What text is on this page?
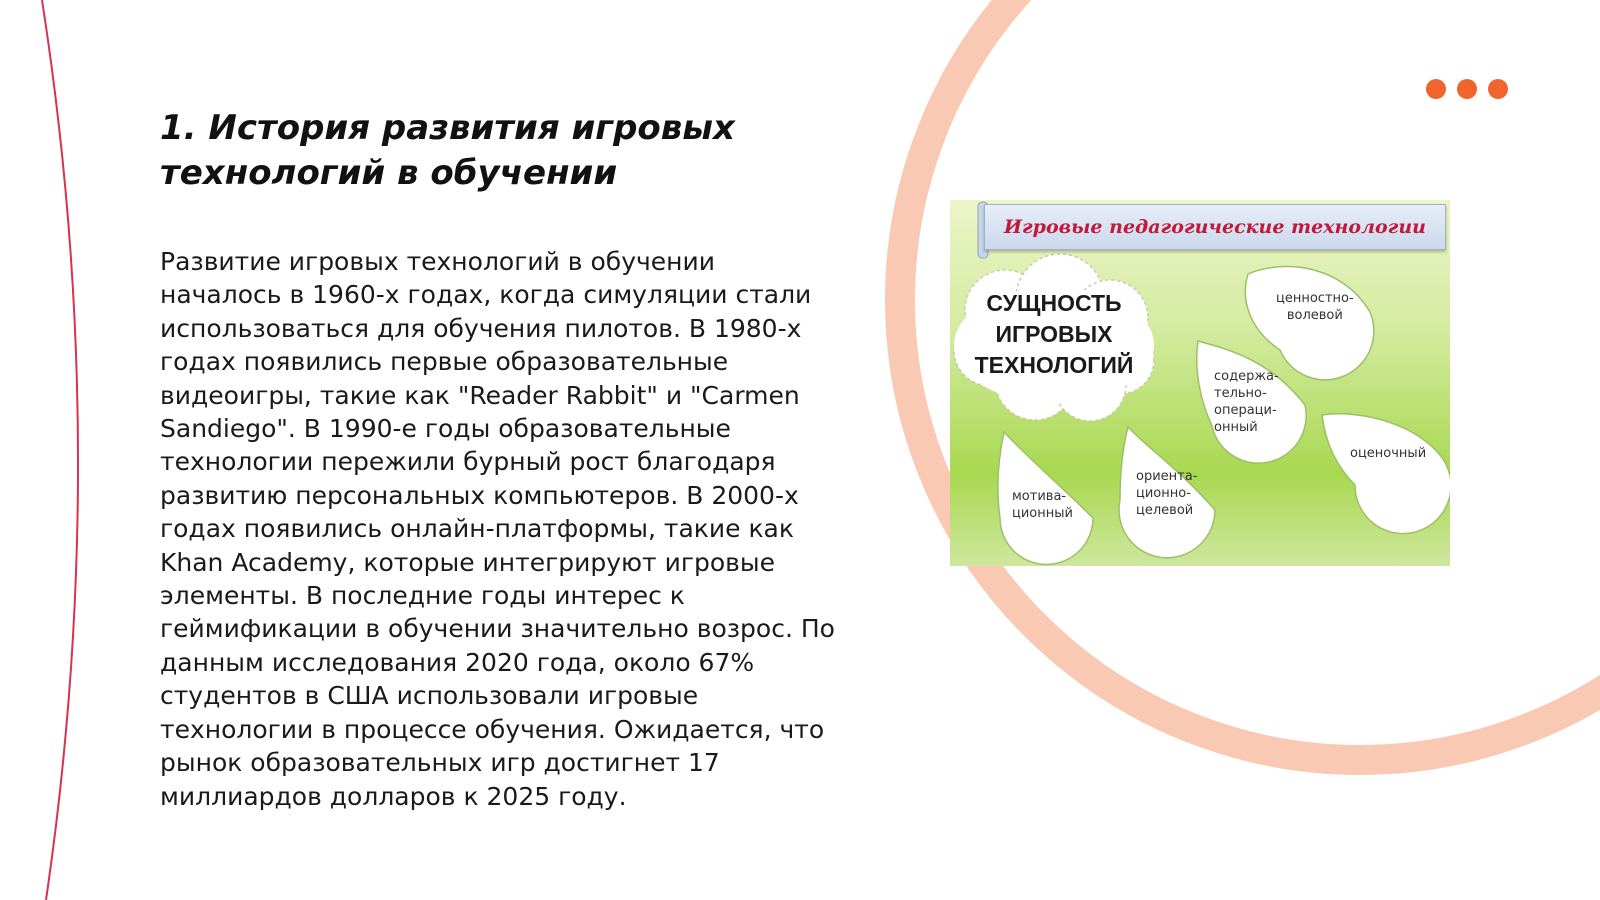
1. История развития игровых технологий в обучении

Развитие игровых технологий в обучении началось в 1960-х годах, когда симуляции стали использоваться для обучения пилотов. В 1980-х годах появились первые образовательные видеоигры, такие как "Reader Rabbit" и "Carmen Sandiego". В 1990-е годы образовательные технологии пережили бурный рост благодаря развитию персональных компьютеров. В 2000-х годах появились онлайн-платформы, такие как Khan Academy, которые интегрируют игровые элементы. В последние годы интерес к геймификации в обучении значительно возрос. По данным исследования 2020 года, около 67% студентов в США использовали игровые технологии в процессе обучения. Ожидается, что рынок образовательных игр достигнет 17 миллиардов долларов к 2025 году.

Игровые педагогические технологии
СУЩНОСТЬ
ИГРОВЫХ
ТЕХНОЛОГИЙ
ценностно-
волевой
содержа-
тельно-
операци-
онный
оценочный
ориента-
ционно-
целевой
мотива-
ционный
